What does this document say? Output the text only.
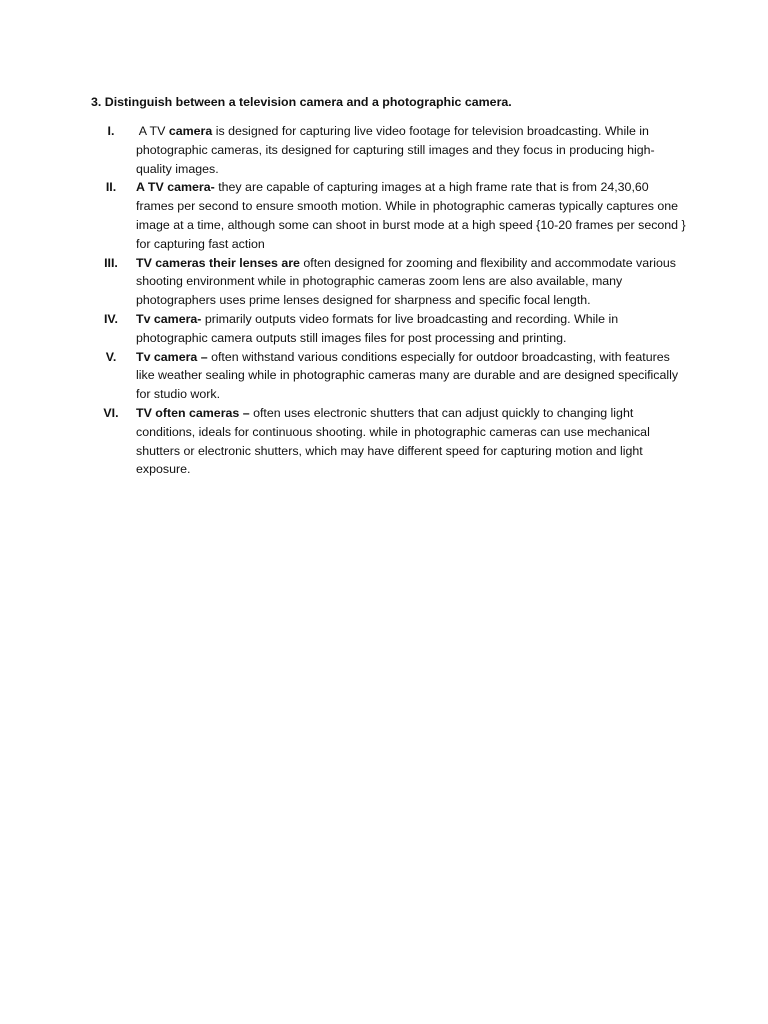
3. Distinguish between a television camera and a photographic camera.
I.	A TV camera is designed for capturing live video footage for television broadcasting. While in photographic cameras, its designed for capturing still images and they focus in producing high-quality images.
II.	A TV camera- they are capable of capturing images at a high frame rate that is from 24,30,60 frames per second to ensure smooth motion. While in photographic cameras typically captures one image at a time, although some can shoot in burst mode at a high speed {10-20 frames per second } for capturing fast action
III.	TV cameras their lenses are often designed for zooming and flexibility and accommodate various shooting environment while in photographic cameras zoom lens are also available, many photographers uses prime lenses designed for sharpness and specific focal length.
IV.	Tv camera- primarily outputs video formats for live broadcasting and recording. While in photographic camera outputs still images files for post processing and printing.
V.	Tv camera – often withstand various conditions especially for outdoor broadcasting, with features like weather sealing while in photographic cameras many are durable and are designed specifically for studio work.
VI.	TV often cameras – often uses electronic shutters that can adjust quickly to changing light conditions, ideals for continuous shooting. while in photographic cameras can use mechanical shutters or electronic shutters, which may have different speed for capturing motion and light exposure.
